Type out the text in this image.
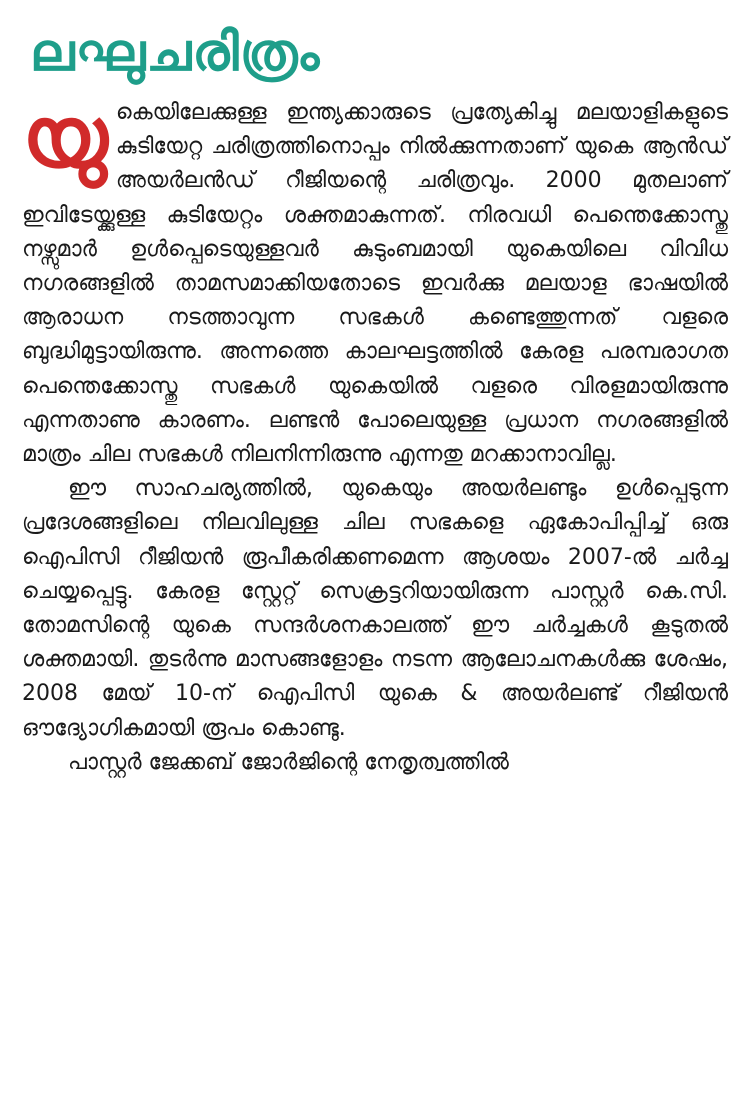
ലഘുചരിത്രം

യുകെയിലേക്കുള്ള ഇന്ത്യക്കാരുടെ പ്രത്യേകിച്ചു മലയാളികളുടെ കുടിയേറ്റ ചരിത്രത്തിനൊപ്പം നിൽക്കുന്നതാണ് യുകെ ആൻഡ് അയർലൻഡ് റീജിയന്റെ ചരിത്രവും. 2000 മുതലാണ് ഇവിടേയ്ക്കുള്ള കുടിയേറ്റം ശക്തമാകുന്നത്. നിരവധി പെന്തെക്കോസ്തു നഴ്സുമാർ ഉൾപ്പെടെയുള്ളവർ കുടുംബമായി യുകെയിലെ വിവിധ നഗരങ്ങളിൽ താമസമാക്കിയതോടെ ഇവർക്കു മലയാള ഭാഷയിൽ ആരാധന നടത്താവുന്ന സഭകൾ കണ്ടെത്തുന്നത് വളരെ ബുദ്ധിമുട്ടായിരുന്നു. അന്നത്തെ കാലഘട്ടത്തിൽ കേരള പരമ്പരാഗത പെന്തെക്കോസ്തു സഭകൾ യുകെയിൽ വളരെ വിരളമായിരുന്നു എന്നതാണു കാരണം. ലണ്ടൻ പോലെയുള്ള പ്രധാന നഗരങ്ങളിൽ മാത്രം ചില സഭകൾ നിലനിന്നിരുന്നു എന്നതു മറക്കാനാവില്ല.

ഈ സാഹചര്യത്തിൽ, യുകെയും അയർലണ്ടും ഉൾപ്പെടുന്ന പ്രദേശങ്ങളിലെ നിലവിലുള്ള ചില സഭകളെ ഏകോപിപ്പിച്ച് ഒരു ഐപിസി റീജിയൻ രൂപീകരിക്കണമെന്ന ആശയം 2007-ൽ ചർച്ച ചെയ്യപ്പെട്ടു. കേരള സ്റ്റേറ്റ് സെക്രട്ടറിയായിരുന്ന പാസ്റ്റർ കെ.സി. തോമസിന്റെ യുകെ സന്ദർശനകാലത്ത് ഈ ചർച്ചകൾ കൂടുതൽ ശക്തമായി. തുടർന്നു മാസങ്ങളോളം നടന്ന ആലോചനകൾക്കു ശേഷം, 2008 മേയ് 10-ന് ഐപിസി യുകെ & അയർലണ്ട് റീജിയൻ ഔദ്യോഗികമായി രൂപം കൊണ്ടു.

പാസ്റ്റർ ജേക്കബ് ജോർജിന്റെ നേതൃത്വത്തിൽ
